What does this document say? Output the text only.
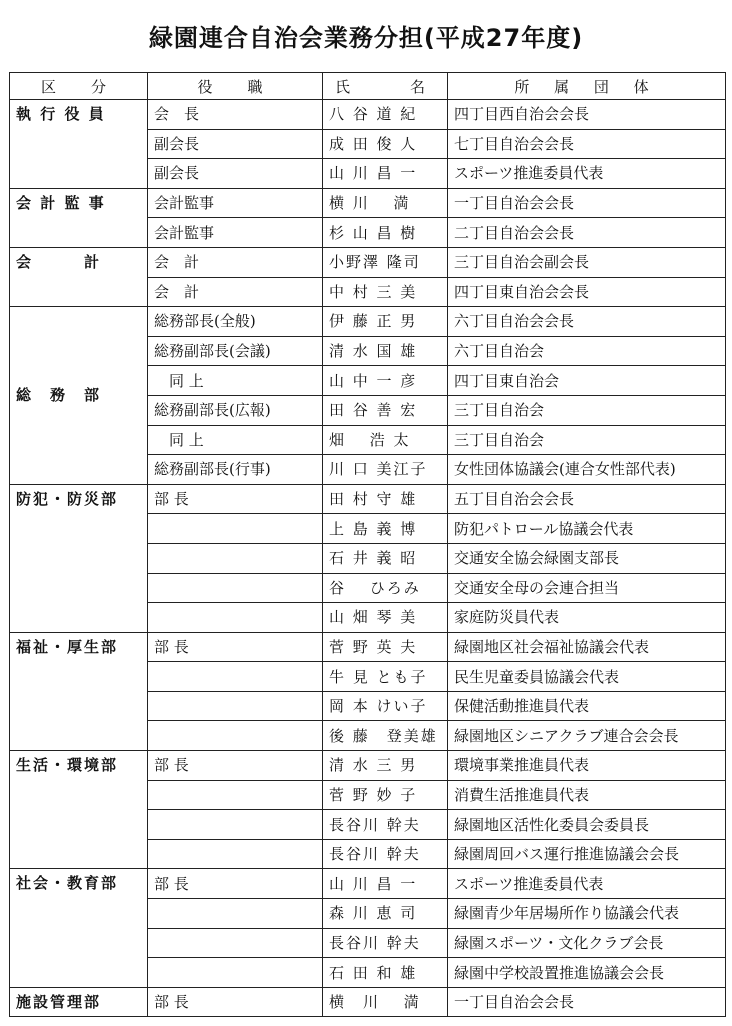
緑園連合自治会業務分担(平成27年度)
区　分	役　職	氏　　名	所 属 団 体
執 行 役 員	会　長	八 谷 道 紀	四丁目西自治会会長
	副会長	成 田 俊 人	七丁目自治会会長
	副会長	山 川 昌 一	スポーツ推進委員代表
会 計 監 事	会計監事	横 川　 満	一丁目自治会会長
	会計監事	杉 山 昌 樹	二丁目自治会会長
会　　　計	会　計	小野澤 隆司	三丁目自治会副会長
	会　計	中 村 三 美	四丁目東自治会会長
総　務　部	総務部長(全般)	伊 藤 正 男	六丁目自治会会長
	総務副部長(会議)	清 水 国 雄	六丁目自治会
	　同 上	山 中 一 彦	四丁目東自治会
	総務副部長(広報)	田 谷 善 宏	三丁目自治会
	　同 上	畑　 浩 太	三丁目自治会
	総務副部長(行事)	川 口 美江子	女性団体協議会(連合女性部代表)
防犯・防災部	部 長	田 村 守 雄	五丁目自治会会長
		上 島 義 博	防犯パトロール協議会代表
		石 井 義 昭	交通安全協会緑園支部長
		谷　 ひろみ	交通安全母の会連合担当
		山 畑 琴 美	家庭防災員代表
福祉・厚生部	部 長	菅 野 英 夫	緑園地区社会福祉協議会代表
		牛 見 とも子	民生児童委員協議会代表
		岡 本 けい子	保健活動推進員代表
		後 藤　登美雄	緑園地区シニアクラブ連合会会長
生活・環境部	部 長	清 水 三 男	環境事業推進員代表
		菅 野 妙 子	消費生活推進員代表
		長谷川 幹夫	緑園地区活性化委員会委員長
		長谷川 幹夫	緑園周回バス運行推進協議会会長
社会・教育部	部 長	山 川 昌 一	スポーツ推進委員代表
		森 川 恵 司	緑園青少年居場所作り協議会代表
		長谷川 幹夫	緑園スポーツ・文化クラブ会長
		石 田 和 雄	緑園中学校設置推進協議会会長
施設管理部	部 長	横　川　 満	一丁目自治会会長
